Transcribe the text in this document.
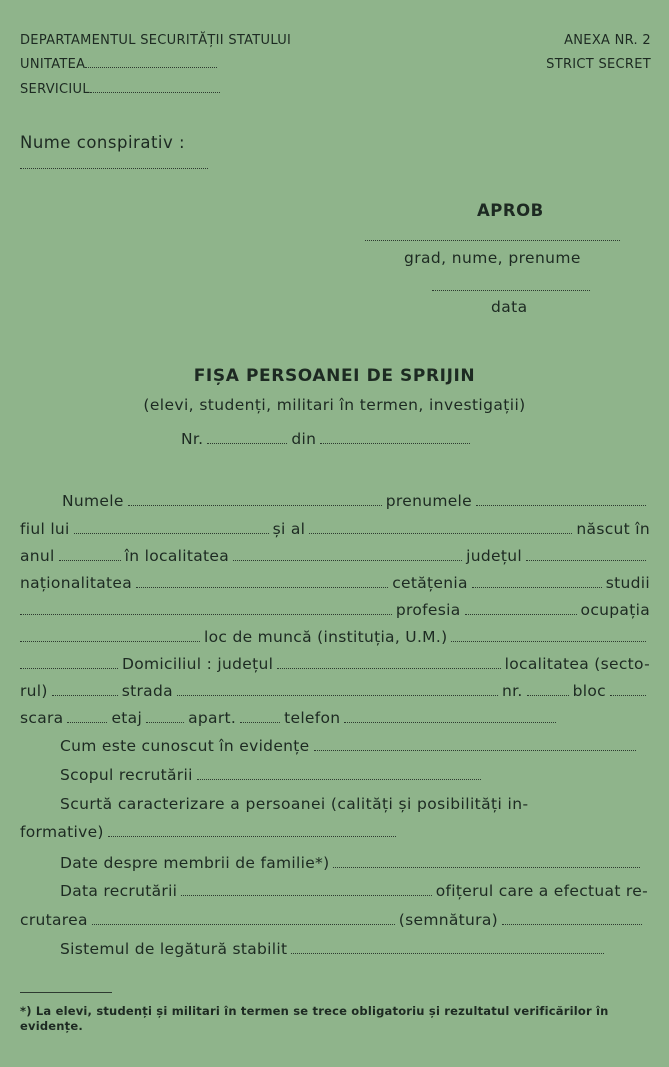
DEPARTAMENTUL SECURITĂȚII STATULUI
UNITATEA
SERVICIUL
ANEXA NR. 2
STRICT SECRET
Nume conspirativ :
APROB
grad, nume, prenume
data
FIȘA PERSOANEI DE SPRIJIN
(elevi, studenți, militari în termen, investigații)
Nr.	din
Numele	prenumele
fiul lui	și al	născut în
anul	în localitatea	județul
naționalitatea	cetățenia	studii
profesia	ocupația
loc de muncă (instituția, U.M.)
Domiciliul : județul	localitatea (secto-
rul)	strada	nr.	bloc
scara	etaj	apart.	telefon
Cum este cunoscut în evidențe
Scopul recrutării
Scurtă caracterizare a persoanei (calități și posibilități in-
formative)
Date despre membrii de familie*)
Data recrutării	ofițerul care a efectuat re-
crutarea	(semnătura)
Sistemul de legătură stabilit
*) La elevi, studenți și militari în termen se trece obligatoriu și rezultatul verificărilor în evidențe.
